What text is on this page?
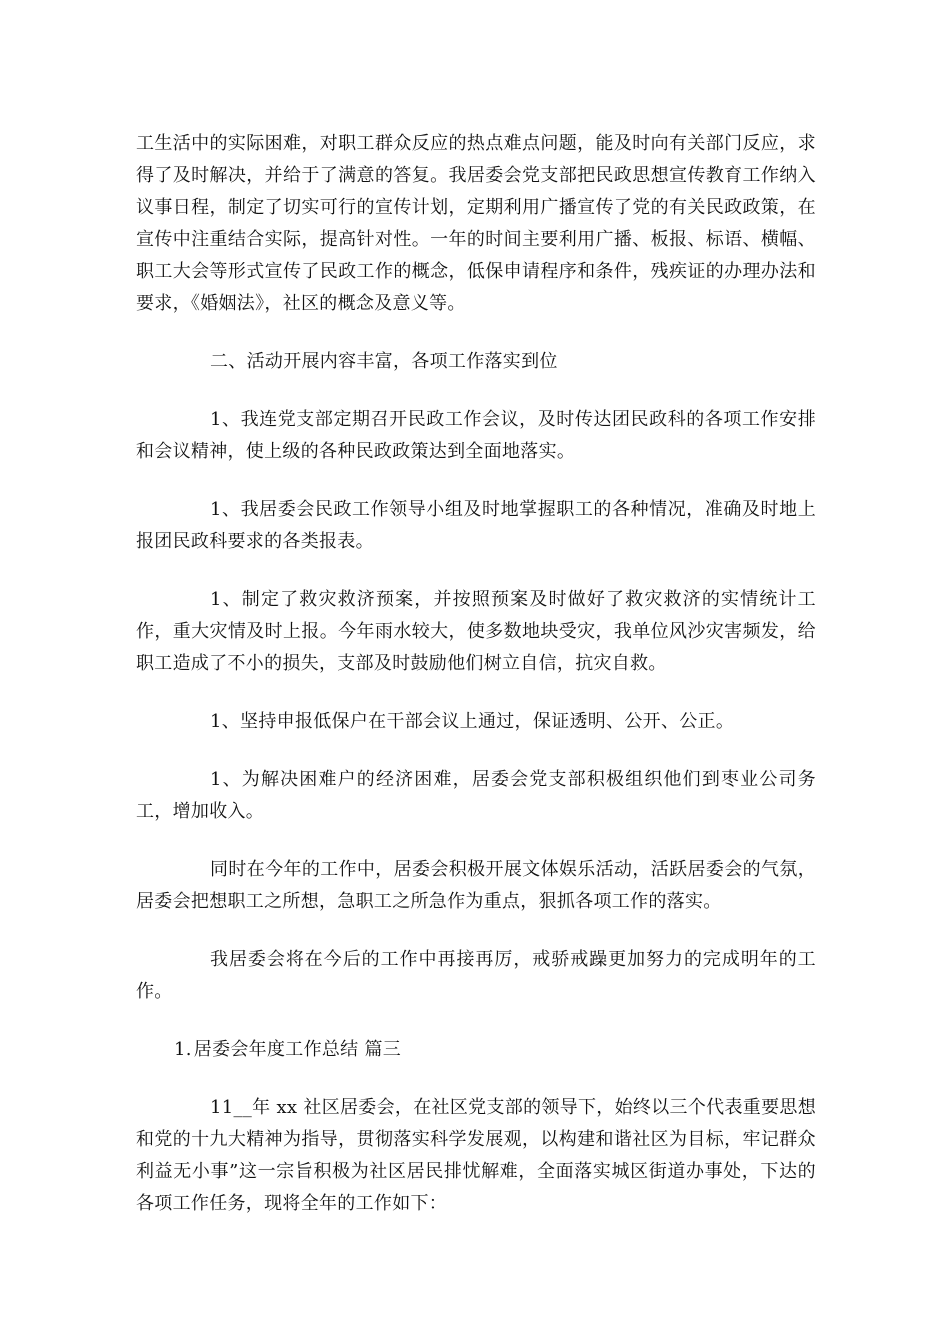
工生活中的实际困难，对职工群众反应的热点难点问题，能及时向有关部门反应，求得了及时解决，并给于了满意的答复。我居委会党支部把民政思想宣传教育工作纳入议事日程，制定了切实可行的宣传计划，定期利用广播宣传了党的有关民政政策，在宣传中注重结合实际，提高针对性。一年的时间主要利用广播、板报、标语、横幅、职工大会等形式宣传了民政工作的概念，低保申请程序和条件，残疾证的办理办法和要求，《婚姻法》，社区的概念及意义等。

二、活动开展内容丰富，各项工作落实到位

1、我连党支部定期召开民政工作会议，及时传达团民政科的各项工作安排和会议精神，使上级的各种民政政策达到全面地落实。

1、我居委会民政工作领导小组及时地掌握职工的各种情况，准确及时地上报团民政科要求的各类报表。

1、制定了救灾救济预案，并按照预案及时做好了救灾救济的实情统计工作，重大灾情及时上报。今年雨水较大，使多数地块受灾，我单位风沙灾害频发，给职工造成了不小的损失，支部及时鼓励他们树立自信，抗灾自救。

1、坚持申报低保户在干部会议上通过，保证透明、公开、公正。

1、为解决困难户的经济困难，居委会党支部积极组织他们到枣业公司务工，增加收入。

同时在今年的工作中，居委会积极开展文体娱乐活动，活跃居委会的气氛，居委会把想职工之所想，急职工之所急作为重点，狠抓各项工作的落实。

我居委会将在今后的工作中再接再厉，戒骄戒躁更加努力的完成明年的工作。

1. 居委会年度工作总结 篇三

11__年 xx 社区居委会，在社区党支部的领导下，始终以三个代表重要思想和党的十九大精神为指导，贯彻落实科学发展观，以构建和谐社区为目标，牢记群众利益无小事”这一宗旨积极为社区居民排忧解难，全面落实城区街道办事处，下达的各项工作任务，现将全年的工作如下：
